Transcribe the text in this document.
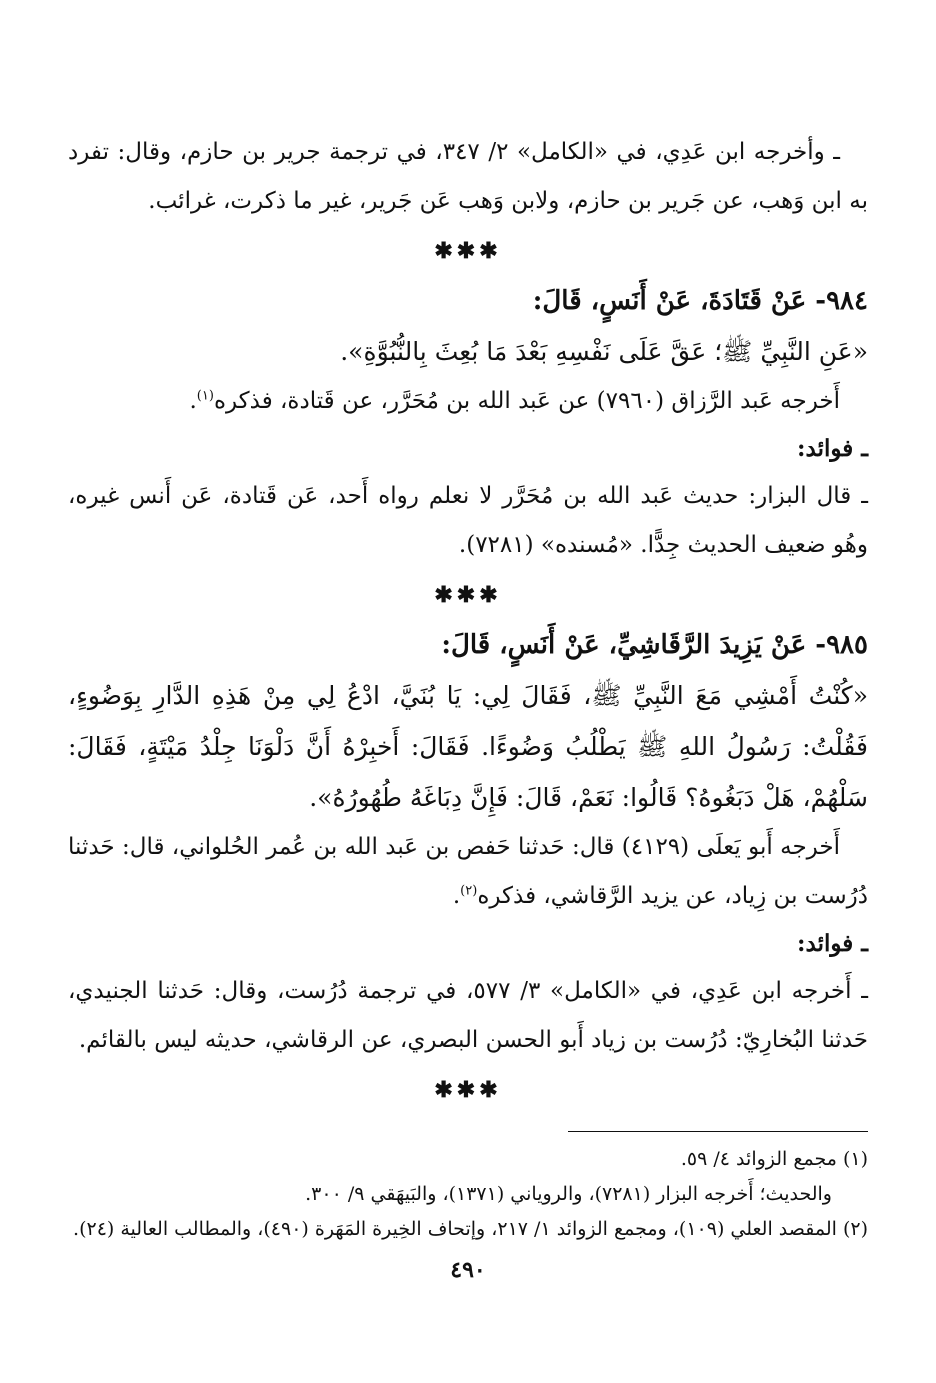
ـ وأخرجه ابن عَدِي، في «الكامل» ٢/ ٣٤٧، في ترجمة جرير بن حازم، وقال: تفرد به ابن وَهب، عن جَرير بن حازم، ولابن وَهب عَن جَرير، غير ما ذكرت، غرائب.

✱✱✱

٩٨٤- عَنْ قَتَادَةَ، عَنْ أَنَسٍ، قَالَ:

«عَنِ النَّبِيِّ ﷺ؛ عَقَّ عَلَى نَفْسِهِ بَعْدَ مَا بُعِثَ بِالنُّبُوَّةِ».

أَخرجه عَبد الرَّزاق (٧٩٦٠) عن عَبد الله بن مُحَرَّر، عن قَتادة، فذكره$^{(١)}$.

ـ فوائد:

ـ قال البزار: حديث عَبد الله بن مُحَرَّر لا نعلم رواه أَحد، عَن قَتادة، عَن أَنس غيره، وهُو ضعيف الحديث جِدًّا. «مُسنده» (٧٢٨١).

✱✱✱

٩٨٥- عَنْ يَزِيدَ الرَّقَاشِيِّ، عَنْ أَنَسٍ، قَالَ:

«كُنْتُ أَمْشِي مَعَ النَّبِيِّ ﷺ، فَقَالَ لِي: يَا بُنَيَّ، ادْعُ لِي مِنْ هَذِهِ الدَّارِ بِوَضُوءٍ، فَقُلْتُ: رَسُولُ اللهِ ﷺ يَطْلُبُ وَضُوءًا. فَقَالَ: أَخبِرْهُ أَنَّ دَلْوَنَا جِلْدُ مَيْتَةٍ، فَقَالَ: سَلْهُمْ، هَلْ دَبَغُوهُ؟ قَالُوا: نَعَمْ، قَالَ: فَإِنَّ دِبَاغَهُ طُهُورُهُ».

أَخرجه أَبو يَعلَى (٤١٢٩) قال: حَدثنا حَفص بن عَبد الله بن عُمر الحُلواني، قال: حَدثنا دُرُست بن زِياد، عن يزيد الرَّقاشي، فذكره$^{(٢)}$.

ـ فوائد:

ـ أَخرجه ابن عَدِي، في «الكامل» ٣/ ٥٧٧، في ترجمة دُرُست، وقال: حَدثنا الجنيدي، حَدثنا البُخارِيّ: دُرُست بن زياد أَبو الحسن البصري، عن الرقاشي، حديثه ليس بالقائم.

✱✱✱

(١) مجمع الزوائد ٤/ ٥٩.

والحديث؛ أَخرجه البزار (٧٢٨١)، والروياني (١٣٧١)، والبَيهَقي ٩/ ٣٠٠.

(٢) المقصد العلي (١٠٩)، ومجمع الزوائد ١/ ٢١٧، وإتحاف الخِيرة المَهَرة (٤٩٠)، والمطالب العالية (٢٤).

٤٩٠
